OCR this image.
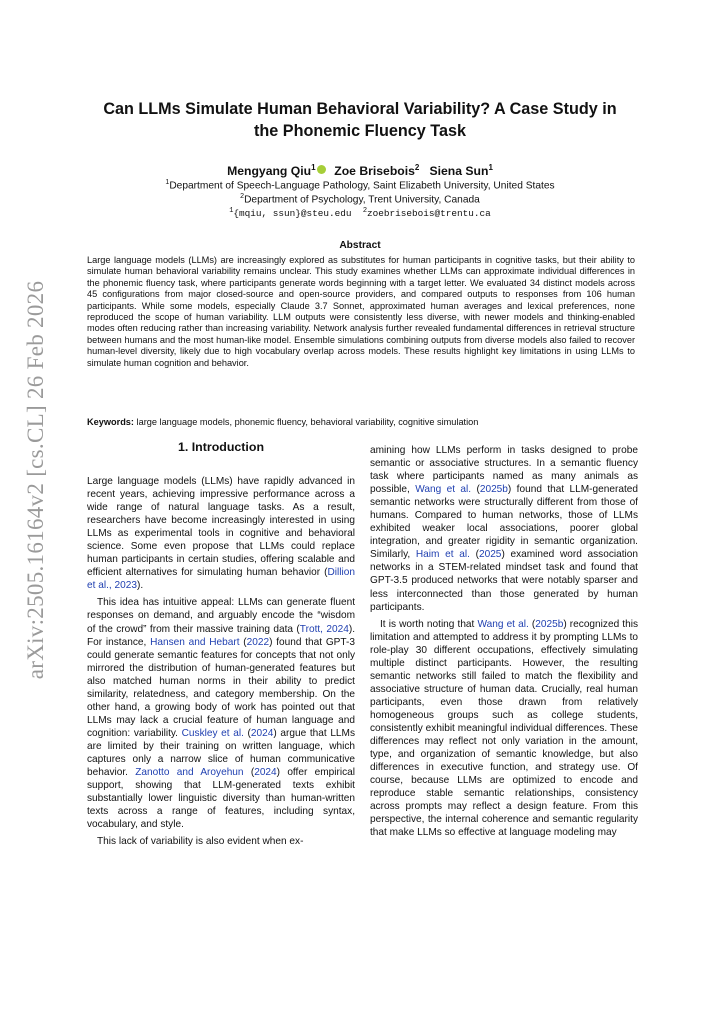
arXiv:2505.16164v2 [cs.CL] 26 Feb 2026
Can LLMs Simulate Human Behavioral Variability? A Case Study in
the Phonemic Fluency Task
Mengyang Qiu$^1$ Zoe Brisebois$^2$ Siena Sun$^1$
$^1$Department of Speech-Language Pathology, Saint Elizabeth University, United States
$^2$Department of Psychology, Trent University, Canada
$^1${mqiu, ssun}@steu.edu $^2$zoebrisebois@trentu.ca
Abstract

Large language models (LLMs) are increasingly explored as substitutes for human participants in cognitive tasks, but their ability to simulate human behavioral variability remains unclear. This study examines whether LLMs can approximate individual differences in the phonemic fluency task, where participants generate words beginning with a target letter. We evaluated 34 distinct models across 45 configurations from major closed-source and open-source providers, and compared outputs to responses from 106 human participants. While some models, especially Claude 3.7 Sonnet, approximated human averages and lexical preferences, none reproduced the scope of human variability. LLM outputs were consistently less diverse, with newer models and thinking-enabled modes often reducing rather than increasing variability. Network analysis further revealed fundamental differences in retrieval structure between humans and the most human-like model. Ensemble simulations combining outputs from diverse models also failed to recover human-level diversity, likely due to high vocabulary overlap across models. These results highlight key limitations in using LLMs to simulate human cognition and behavior.

Keywords: large language models, phonemic fluency, behavioral variability, cognitive simulation
1. Introduction

Large language models (LLMs) have rapidly advanced in recent years, achieving impressive performance across a wide range of natural language tasks. As a result, researchers have become increasingly interested in using LLMs as experimental tools in cognitive and behavioral science. Some even propose that LLMs could replace human participants in certain studies, offering scalable and efficient alternatives for simulating human behavior (Dillion et al., 2023).

This idea has intuitive appeal: LLMs can generate fluent responses on demand, and arguably encode the “wisdom of the crowd” from their massive training data (Trott, 2024). For instance, Hansen and Hebart (2022) found that GPT-3 could generate semantic features for concepts that not only mirrored the distribution of human-generated features but also matched human norms in their ability to predict similarity, relatedness, and category membership. On the other hand, a growing body of work has pointed out that LLMs may lack a crucial feature of human language and cognition: variability. Cuskley et al. (2024) argue that LLMs are limited by their training on written language, which captures only a narrow slice of human communicative behavior. Zanotto and Aroyehun (2024) offer empirical support, showing that LLM-generated texts exhibit substantially lower linguistic diversity than human-written texts across a range of features, including syntax, vocabulary, and style.

This lack of variability is also evident when ex-

amining how LLMs perform in tasks designed to probe semantic or associative structures. In a semantic fluency task where participants named as many animals as possible, Wang et al. (2025b) found that LLM-generated semantic networks were structurally different from those of humans. Compared to human networks, those of LLMs exhibited weaker local associations, poorer global integration, and greater rigidity in semantic organization. Similarly, Haim et al. (2025) examined word association networks in a STEM-related mindset task and found that GPT-3.5 produced networks that were notably sparser and less interconnected than those generated by human participants.

It is worth noting that Wang et al. (2025b) recognized this limitation and attempted to address it by prompting LLMs to role-play 30 different occupations, effectively simulating multiple distinct participants. However, the resulting semantic networks still failed to match the flexibility and associative structure of human data. Crucially, real human participants, even those drawn from relatively homogeneous groups such as college students, consistently exhibit meaningful individual differences. These differences may reflect not only variation in the amount, type, and organization of semantic knowledge, but also differences in executive function, and strategy use. Of course, because LLMs are optimized to encode and reproduce stable semantic relationships, consistency across prompts may reflect a design feature. From this perspective, the internal coherence and semantic regularity that make LLMs so effective at language modeling may
